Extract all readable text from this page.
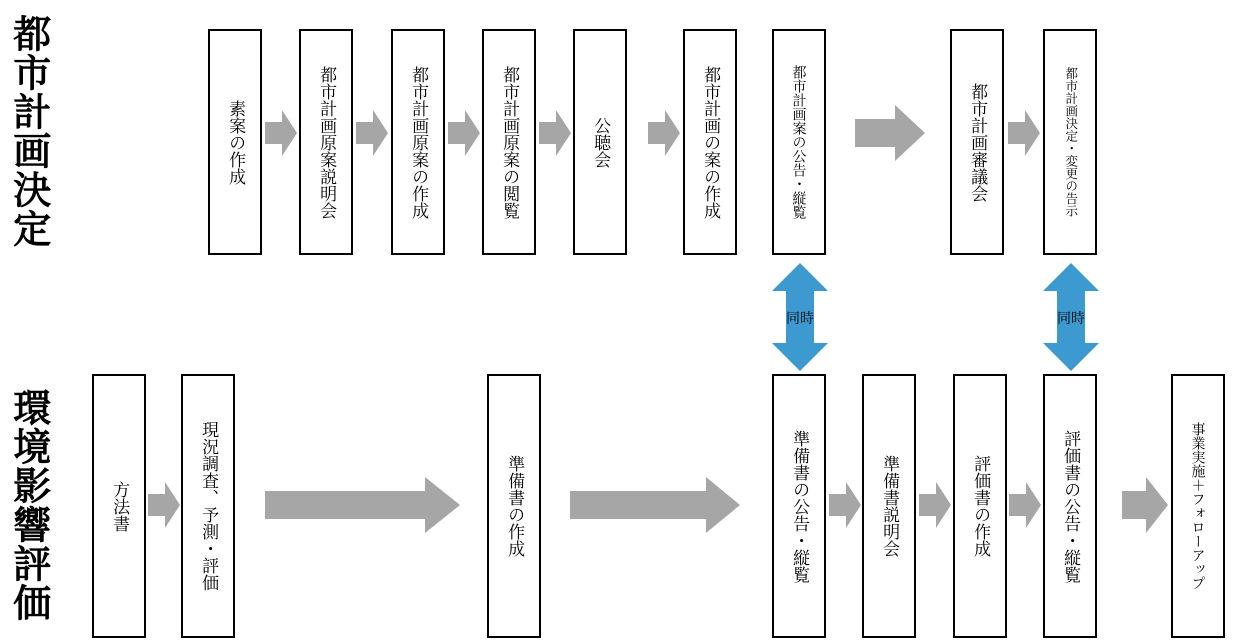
都市計画決定
環境影響評価
素案の作成	都市計画原案説明会	都市計画原案の作成	都市計画原案の閲覧	公聴会	都市計画の案の作成	都市計画案の公告・縦覧	都市計画審議会	都市計画決定・変更の告示
同時	同時
方法書	現況調査、予測・評価	準備書の作成	準備書の公告・縦覧	準備書説明会	評価書の作成	評価書の公告・縦覧	事業実施＋フォローアップ
